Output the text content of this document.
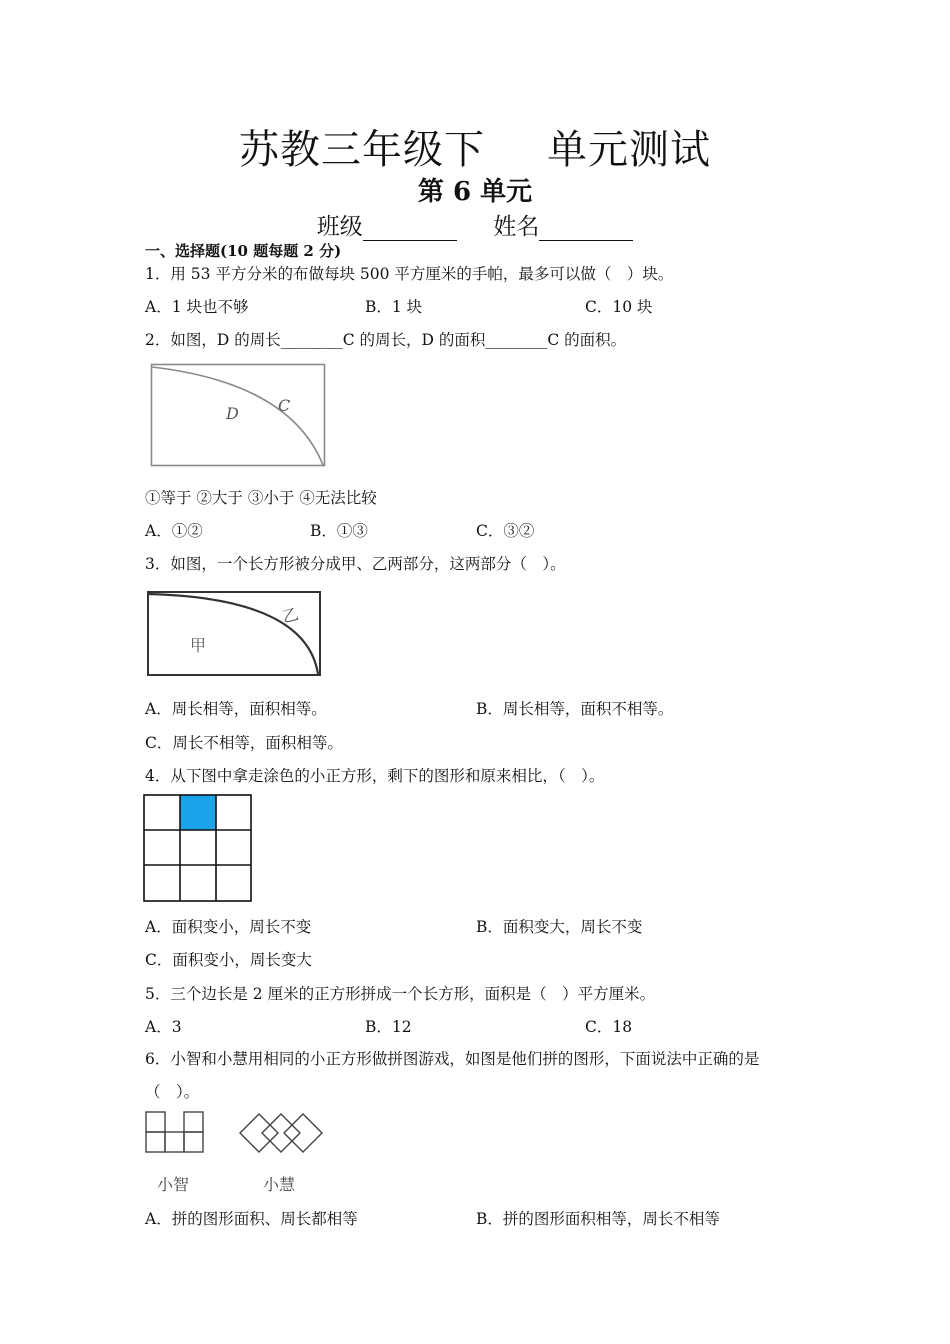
苏教三年级下 单元测试
第 6 单元
班级	姓名
一、选择题(10 题每题 2 分)
1．用 53 平方分米的布做每块 500 平方厘米的手帕，最多可以做（　）块。
A．1 块也不够	B．1 块	C．10 块
2．如图，D 的周长________C 的周长，D 的面积________C 的面积。
D C
①等于 ②大于 ③小于 ④无法比较
A．①②	B．①③	C．③②
3．如图，一个长方形被分成甲、乙两部分，这两部分（　）。
甲
乙
A．周长相等，面积相等。	B．周长相等，面积不相等。
C．周长不相等，面积相等。
4．从下图中拿走涂色的小正方形，剩下的图形和原来相比，（　）。
A．面积变小，周长不变	B．面积变大，周长不变
C．面积变小，周长变大
5．三个边长是 2 厘米的正方形拼成一个长方形，面积是（　）平方厘米。
A．3	B．12	C．18
6．小智和小慧用相同的小正方形做拼图游戏，如图是他们拼的图形，下面说法中正确的是
（　）。
小智	小慧
A．拼的图形面积、周长都相等	B．拼的图形面积相等，周长不相等
